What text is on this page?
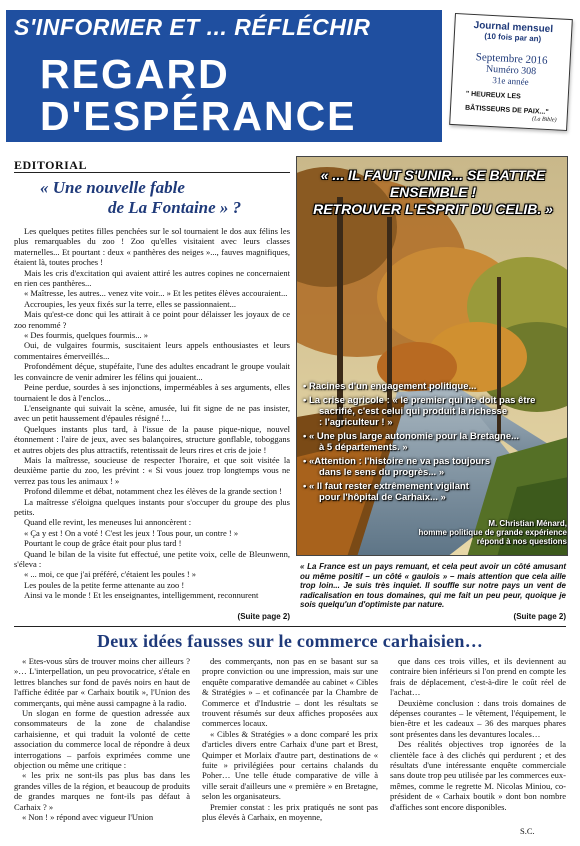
S'INFORMER ET ... RÉFLÉCHIR
REGARD
D'ESPÉRANCE
Journal mensuel
(10 fois par an)
Septembre 2016
Numéro 308
31e année
" HEUREUX LES
BÂTISSEURS DE PAIX..."
(La Bible)
EDITORIAL
« Une nouvelle fable
de La Fontaine » ?

Les quelques petites filles penchées sur le sol tournaient le dos aux félins les plus remarquables du zoo ! Zoo qu'elles visitaient avec leurs classes maternelles... Et pourtant : deux « panthères des neiges »..., fauves magnifiques, étaient là, toutes proches !

Mais les cris d'excitation qui avaient attiré les autres copines ne concernaient en rien ces panthères...

« Maîtresse, les autres... venez vite voir... » Et les petites élèves accouraient...

Accroupies, les yeux fixés sur la terre, elles se passionnaient...

Mais qu'est-ce donc qui les attirait à ce point pour délaisser les joyaux de ce zoo renommé ?

« Des fourmis, quelques fourmis... »

Oui, de vulgaires fourmis, suscitaient leurs appels enthousiastes et leurs commentaires émerveillés...

Profondément déçue, stupéfaite, l'une des adultes encadrant le groupe voulait les convaincre de venir admirer les félins qui jouaient...

Peine perdue, sourdes à ses injonctions, imperméables à ses arguments, elles tournaient le dos à l'enclos...

L'enseignante qui suivait la scène, amusée, lui fit signe de ne pas insister, avec un petit haussement d'épaules résigné !...

Quelques instants plus tard, à l'issue de la pause pique-nique, nouvel étonnement : l'aire de jeux, avec ses balançoires, structure gonflable, toboggans et autres objets des plus attractifs, retentissait de leurs rires et cris de joie !

Mais la maîtresse, soucieuse de respecter l'horaire, et que soit visitée la deuxième partie du zoo, les prévint : « Si vous jouez trop longtemps vous ne verrez pas tous les animaux ! »

Profond dilemme et débat, notamment chez les élèves de la grande section !

La maîtresse s'éloigna quelques instants pour s'occuper du groupe des plus petits.

Quand elle revint, les meneuses lui annoncèrent :

« Ça y est ! On a voté ! C'est les jeux ! Tous pour, un contre ! »

Pourtant le coup de grâce était pour plus tard !

Quand le bilan de la visite fut effectué, une petite voix, celle de Bleunwenn, s'éleva :

« ... moi, ce que j'ai préféré, c'étaient les poules ! »

Les poules de la petite ferme attenante au zoo !

Ainsi va le monde ! Et les enseignantes, intelligemment, reconnurent

(Suite page 2)
« ... IL FAUT S'UNIR... SE BATTRE ENSEMBLE !
RETROUVER L'ESPRIT DU CELIB. »
• Racines d'un engagement politique...
• La crise agricole : « le premier qui ne doit pas être
sacrifié, c'est celui qui produit la richesse : l'agriculteur ! »
• « Une plus large autonomie pour la Bretagne...
à 5 départements. »
• «Attention : l'histoire ne va pas toujours
dans le sens du progrès... »
• « Il faut rester extrêmement vigilant
pour l'hôpital de Carhaix... »
M. Christian Ménard,
homme politique de grande expérience
répond à nos questions
« La France est un pays remuant, et cela peut avoir un côté amusant ou même positif – un côté « gaulois » – mais attention que cela aille trop loin... Je suis très inquiet. Il souffle sur notre pays un vent de radicalisation en tous domaines, qui me fait un peu peur, quoique je sois quelqu'un d'optimiste par nature.
(Suite page 2)
Deux idées fausses sur le commerce carhaisien…

« Etes-vous sûrs de trouver moins cher ailleurs ? »… L'interpellation, un peu provocatrice, s'étale en lettres blanches sur fond de pavés noirs en haut de l'affiche éditée par « Carhaix boutik », l'Union des commerçants, qui mène aussi campagne à la radio.

Un slogan en forme de question adressée aux consommateurs de la zone de chalandise carhaisienne, et qui traduit la volonté de cette association du commerce local de répondre à deux interrogations – parfois exprimées comme une objection ou même une critique :

« les prix ne sont-ils pas plus bas dans les grandes villes de la région, et beaucoup de produits de grandes marques ne font-ils pas défaut à Carhaix ? »

« Non ! » répond avec vigueur l'Union

des commerçants, non pas en se basant sur sa propre conviction ou une impression, mais sur une enquête comparative demandée au cabinet « Cibles & Stratégies » – et cofinancée par la Chambre de Commerce et d'Industrie – dont les résultats se trouvent résumés sur deux affiches proposées aux commerces locaux.

« Cibles & Stratégies » a donc comparé les prix d'articles divers entre Carhaix d'une part et Brest, Quimper et Morlaix d'autre part, destinations de « fuite » privilégiées pour certains chalands du Poher… Une telle étude comparative de ville à ville serait d'ailleurs une « première » en Bretagne, selon les organisateurs.

Premier constat : les prix pratiqués ne sont pas plus élevés à Carhaix, en moyenne,

que dans ces trois villes, et ils deviennent au contraire bien inférieurs si l'on prend en compte les frais de déplacement, c'est-à-dire le coût réel de l'achat…

Deuxième conclusion : dans trois domaines de dépenses courantes – le vêtement, l'équipement, le bien-être et les cadeaux – 36 des marques phares sont présentes dans les devantures locales…

Des réalités objectives trop ignorées de la clientèle face à des clichés qui perdurent ; et des résultats d'une intéressante enquête commerciale sans doute trop peu utilisée par les commerces eux-mêmes, comme le regrette M. Nicolas Miniou, co-président de « Carhaix boutik » dont bon nombre d'affiches sont encore disponibles.

S.C.
